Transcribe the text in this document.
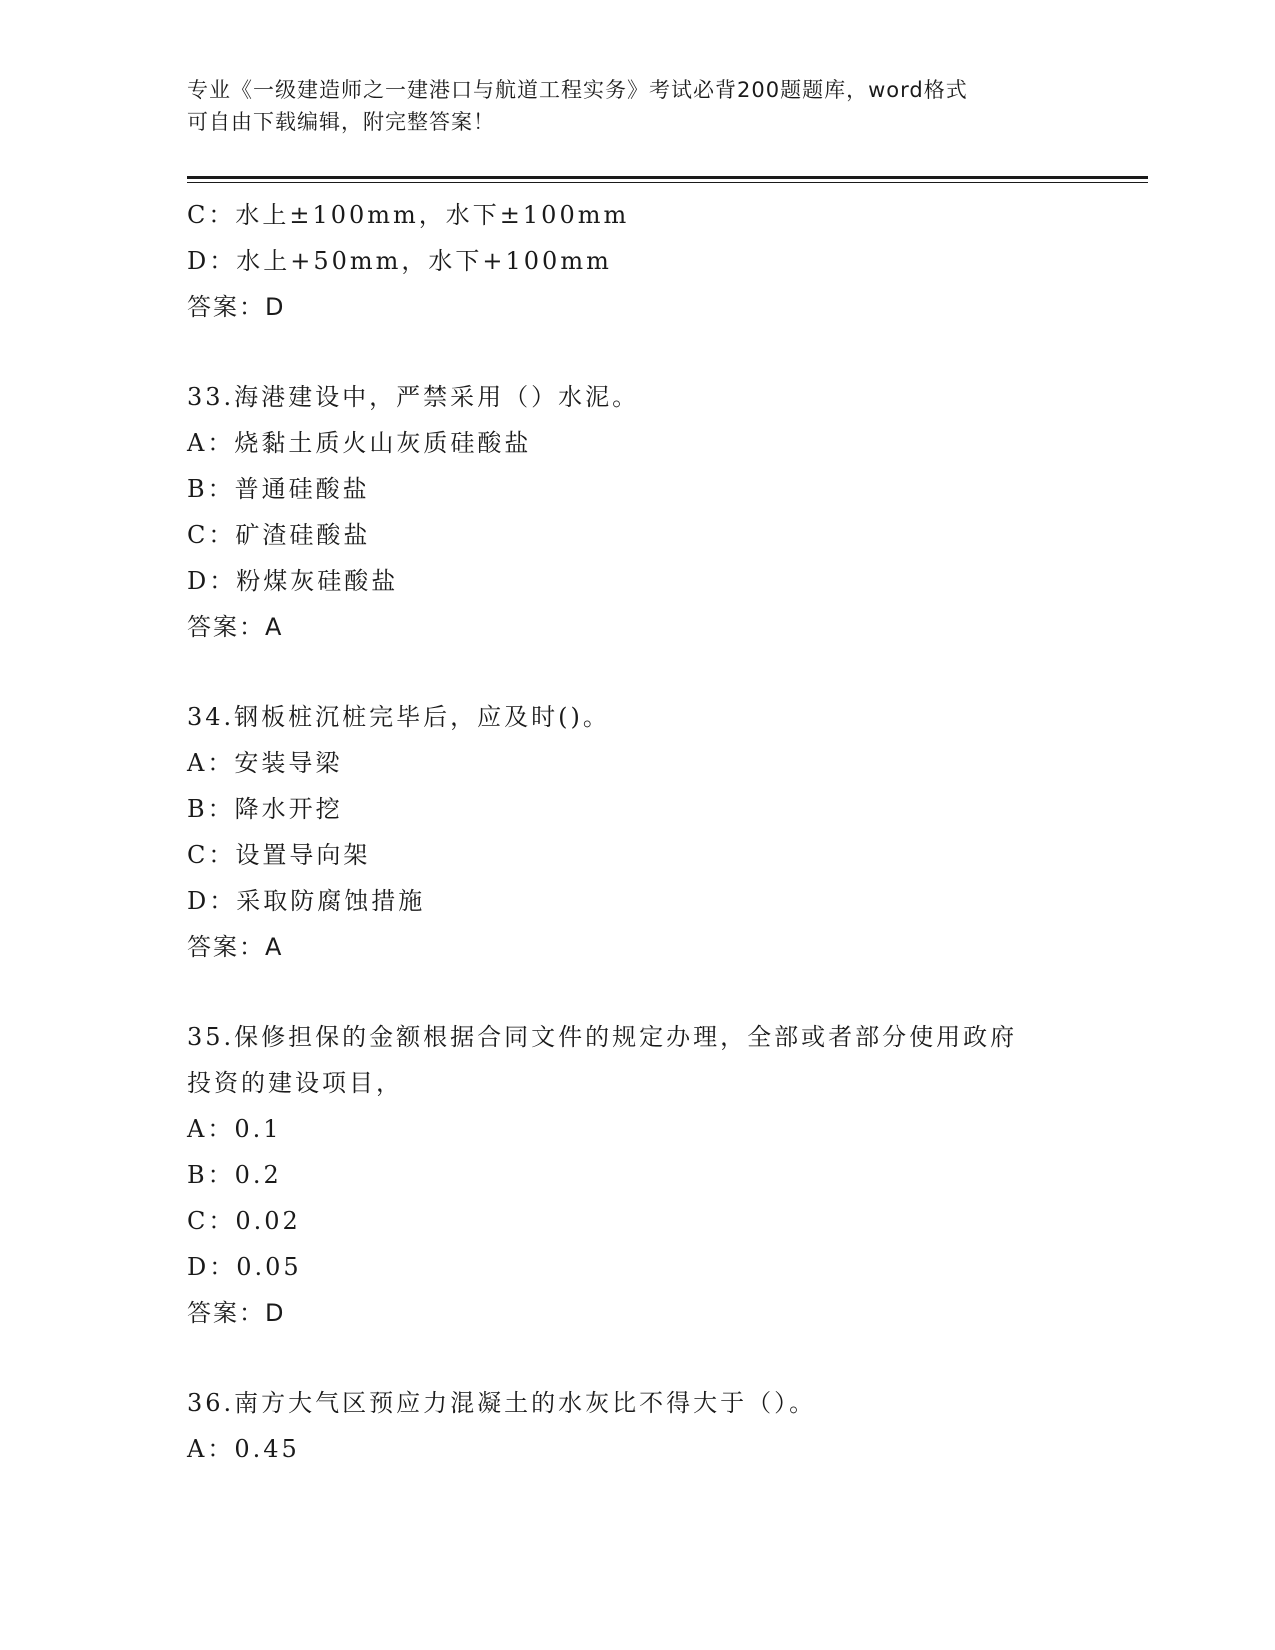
专业《一级建造师之一建港口与航道工程实务》考试必背200题题库，word格式
可自由下载编辑，附完整答案！
C：水上±100mm，水下±100mm
D：水上+50mm，水下+100mm
答案：D
33.海港建设中，严禁采用（）水泥。
A：烧黏土质火山灰质硅酸盐
B：普通硅酸盐
C：矿渣硅酸盐
D：粉煤灰硅酸盐
答案：A
34.钢板桩沉桩完毕后，应及时()。
A：安装导梁
B：降水开挖
C：设置导向架
D：采取防腐蚀措施
答案：A
35.保修担保的金额根据合同文件的规定办理，全部或者部分使用政府投资的建设项目，
A：0.1
B：0.2
C：0.02
D：0.05
答案：D
36.南方大气区预应力混凝土的水灰比不得大于（）。
A：0.45
